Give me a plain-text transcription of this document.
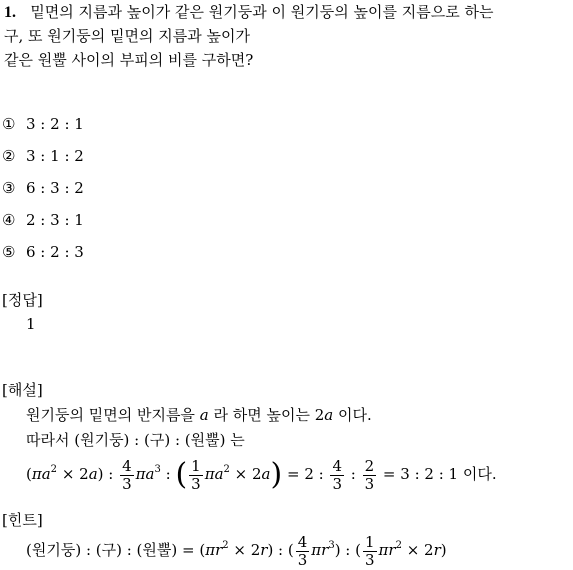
1. 밑면의 지름과 높이가 같은 원기둥과 이 원기둥의 높이를 지름으로 하는
구, 또 원기둥의 밑면의 지름과 높이가
같은 원뿔 사이의 부피의 비를 구하면?
① 3 : 2 : 1
② 3 : 1 : 2
③ 6 : 3 : 2
④ 2 : 3 : 1
⑤ 6 : 2 : 3
[정답]
1
[해설]
원기둥의 밑면의 반지름을 a 라 하면 높이는 2a 이다.
따라서 (원기둥) : (구) : (원뿔) 는
$(\pi a^2 \times 2a)$ : $\frac{4}{3} \pi a^3$ : ( $\frac{1}{3} \pi a^2 \times 2a) = 2$ : $\frac{4}{3}$ : $\frac{2}{3} = 3$ : 2 : 1 이다.
[힌트]
(원기둥) : (구) : (원뿔) = $(\pi r^2 \times 2r)$ : ( $\frac{4}{3} \pi r^3$) : ( $\frac{1}{3} \pi r^2 \times 2r$)
